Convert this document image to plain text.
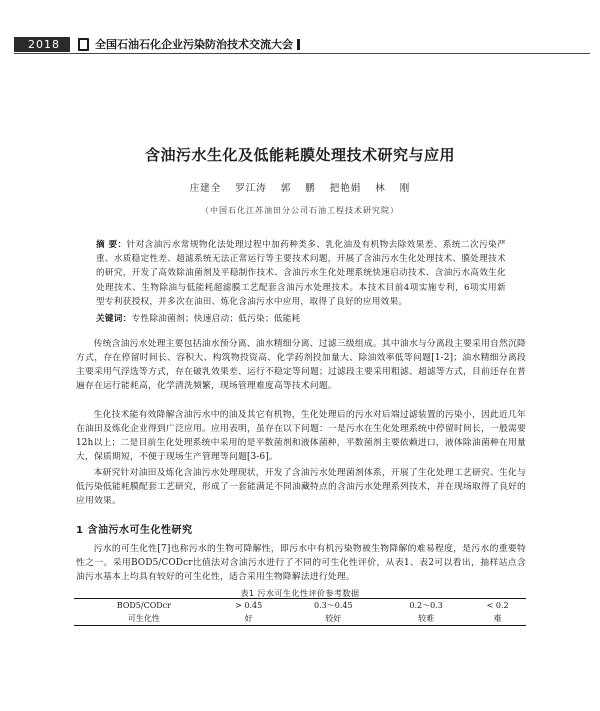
2018	全国石油石化企业污染防治技术交流大会
含油污水生化及低能耗膜处理技术研究与应用
庄建全 罗江涛 郭 鹏 把艳娟 林 刚
（中国石化江苏油田分公司石油工程技术研究院）
摘 要：针对含油污水常规物化法处理过程中加药种类多、乳化油及有机物去除效果差、系统二次污染严重、水质稳定性差、超滤系统无法正常运行等主要技术问题，开展了含油污水生化处理技术、膜处理技术的研究，开发了高效除油菌剂及平稳制作技术、含油污水生化处理系统快速启动技术、含油污水高效生化处理技术、生物除油与低能耗超滤膜工艺配套含油污水处理技术。本技术目前4项实施专利，6项实用新型专利获授权，并多次在油田、炼化含油污水中应用，取得了良好的应用效果。
关键词：专性除油菌剂；快速启动；低污染；低能耗

传统含油污水处理主要包括油水预分离、油水精细分离、过滤三级组成。其中油水与分离段主要采用自然沉降方式，存在停留时间长、容积大、构筑物投资高、化学药剂投加量大、除油效率低等问题[1-2]；油水精细分离段主要采用气浮选等方式，存在破乳效果差、运行不稳定等问题；过滤段主要采用粗滤、超滤等方式，目前还存在普遍存在运行能耗高，化学清洗频繁，现场管理难度高等技术问题。

生化技术能有效降解含油污水中的油及其它有机物，生化处理后的污水对后端过滤装置的污染小，因此近几年在油田及炼化企业得到广泛应用。应用表明，虽存在以下问题：一是污水在生化处理系统中停留时间长，一般需要12h以上；二是目前生化处理系统中采用的是平数菌剂和液体菌种，平数菌剂主要依赖进口，液体除油菌种在用量大，保质期短，不便于现场生产管理等问题[3-6]。

本研究针对油田及炼化含油污水处理现状，开发了含油污水处理菌剂体系，开展了生化处理工艺研究、生化与低污染低能耗膜配套工艺研究，形成了一套能满足不同油藏特点的含油污水处理系列技术，并在现场取得了良好的应用效果。

1 含油污水可生化性研究

污水的可生化性[7]也称污水的生物可降解性，即污水中有机污染物被生物降解的难易程度，是污水的重要特性之一。采用BOD5/CODcr比值法对含油污水进行了不同的可生化性评价，从表1、表2可以看出，抽样站点含油污水基本上均具有较好的可生化性，适合采用生物降解法进行处理。

表1 污水可生化性评价参考数据
BOD5/CODcr	> 0.45	0.3～0.45	0.2～0.3	< 0.2
可生化性	好	较好	较难	难
